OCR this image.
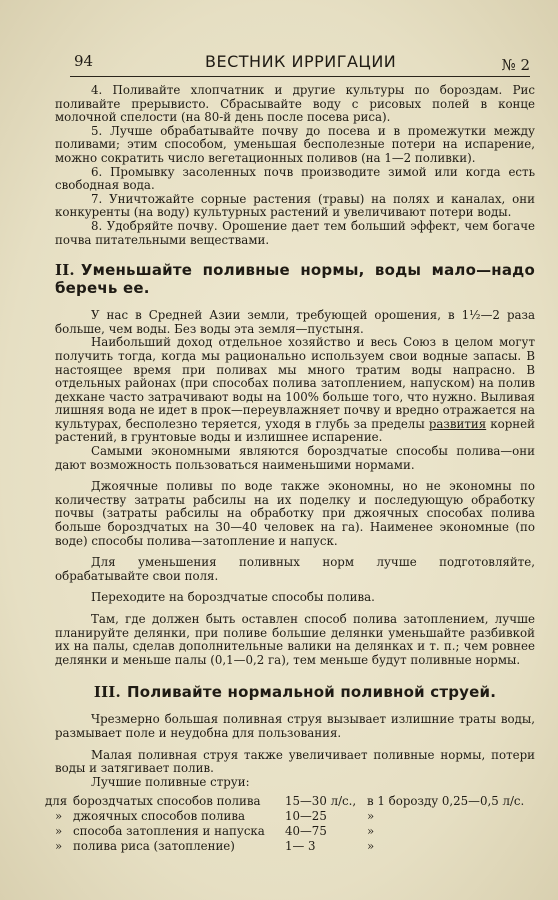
94	ВЕСТНИК ИРРИГАЦИИ	№ 2

4. Поливайте хлопчатник и другие культуры по бороздам. Рис поливайте прерывисто. Сбрасывайте воду с рисовых полей в конце молочной спелости (на 80-й день после посева риса).

5. Лучше обрабатывайте почву до посева и в промежутки между поливами; этим способом, уменьшая бесполезные потери на испарение, можно сократить число вегетационных поливов (на 1—2 поливки).

6. Промывку засоленных почв производите зимой или когда есть свободная вода.

7. Уничтожайте сорные растения (травы) на полях и каналах, они конкуренты (на воду) культурных растений и увеличивают потери воды.

8. Удобряйте почву. Орошение дает тем больший эффект, чем богаче почва питательными веществами.

II. Уменьшайте поливные нормы, воды мало—надо беречь ее.

У нас в Средней Азии земли, требующей орошения, в 1½—2 раза больше, чем воды. Без воды эта земля—пустыня.

Наибольший доход отдельное хозяйство и весь Союз в целом могут получить тогда, когда мы рационально используем свои водные запасы. В настоящее время при поливах мы много тратим воды напрасно. В отдельных районах (при способах полива затоплением, напуском) на полив дехкане часто затрачивают воды на 100% больше того, что нужно. Выливая лишняя вода не идет в прок—переувлажняет почву и вредно отражается на культурах, бесполезно теряется, уходя в глубь за пределы развития корней растений, в грунтовые воды и излишнее испарение.

Самыми экономными являются бороздчатые способы полива—они дают возможность пользоваться наименьшими нормами.

Джоячные поливы по воде также экономны, но не экономны по количеству затраты рабсилы на их поделку и последующую обработку почвы (затраты рабсилы на обработку при джоячных способах полива больше бороздчатых на 30—40 человек на га). Наименее экономные (по воде) способы полива—затопление и напуск.

Для уменьшения поливных норм лучше подготовляйте, обрабатывайте свои поля.

Переходите на бороздчатые способы полива.

Там, где должен быть оставлен способ полива затоплением, лучше планируйте делянки, при поливе большие делянки уменьшайте разбивкой их на палы, сделав дополнительные валики на делянках и т. п.; чем ровнее делянки и меньше палы (0,1—0,2 га), тем меньше будут поливные нормы.

III. Поливайте нормальной поливной струей.

Чрезмерно большая поливная струя вызывает излишние траты воды, размывает поле и неудобна для пользования.

Малая поливная струя также увеличивает поливные нормы, потери воды и затягивает полив.

Лучшие поливные струи:

для бороздчатых способов полива 15—30 л/с., в 1 борозду 0,25—0,5 л/с.
» джоячных способов полива	10—25	»
» способа затопления и напуска 40—75	»
» полива риса (затопление)	1— 3	»
